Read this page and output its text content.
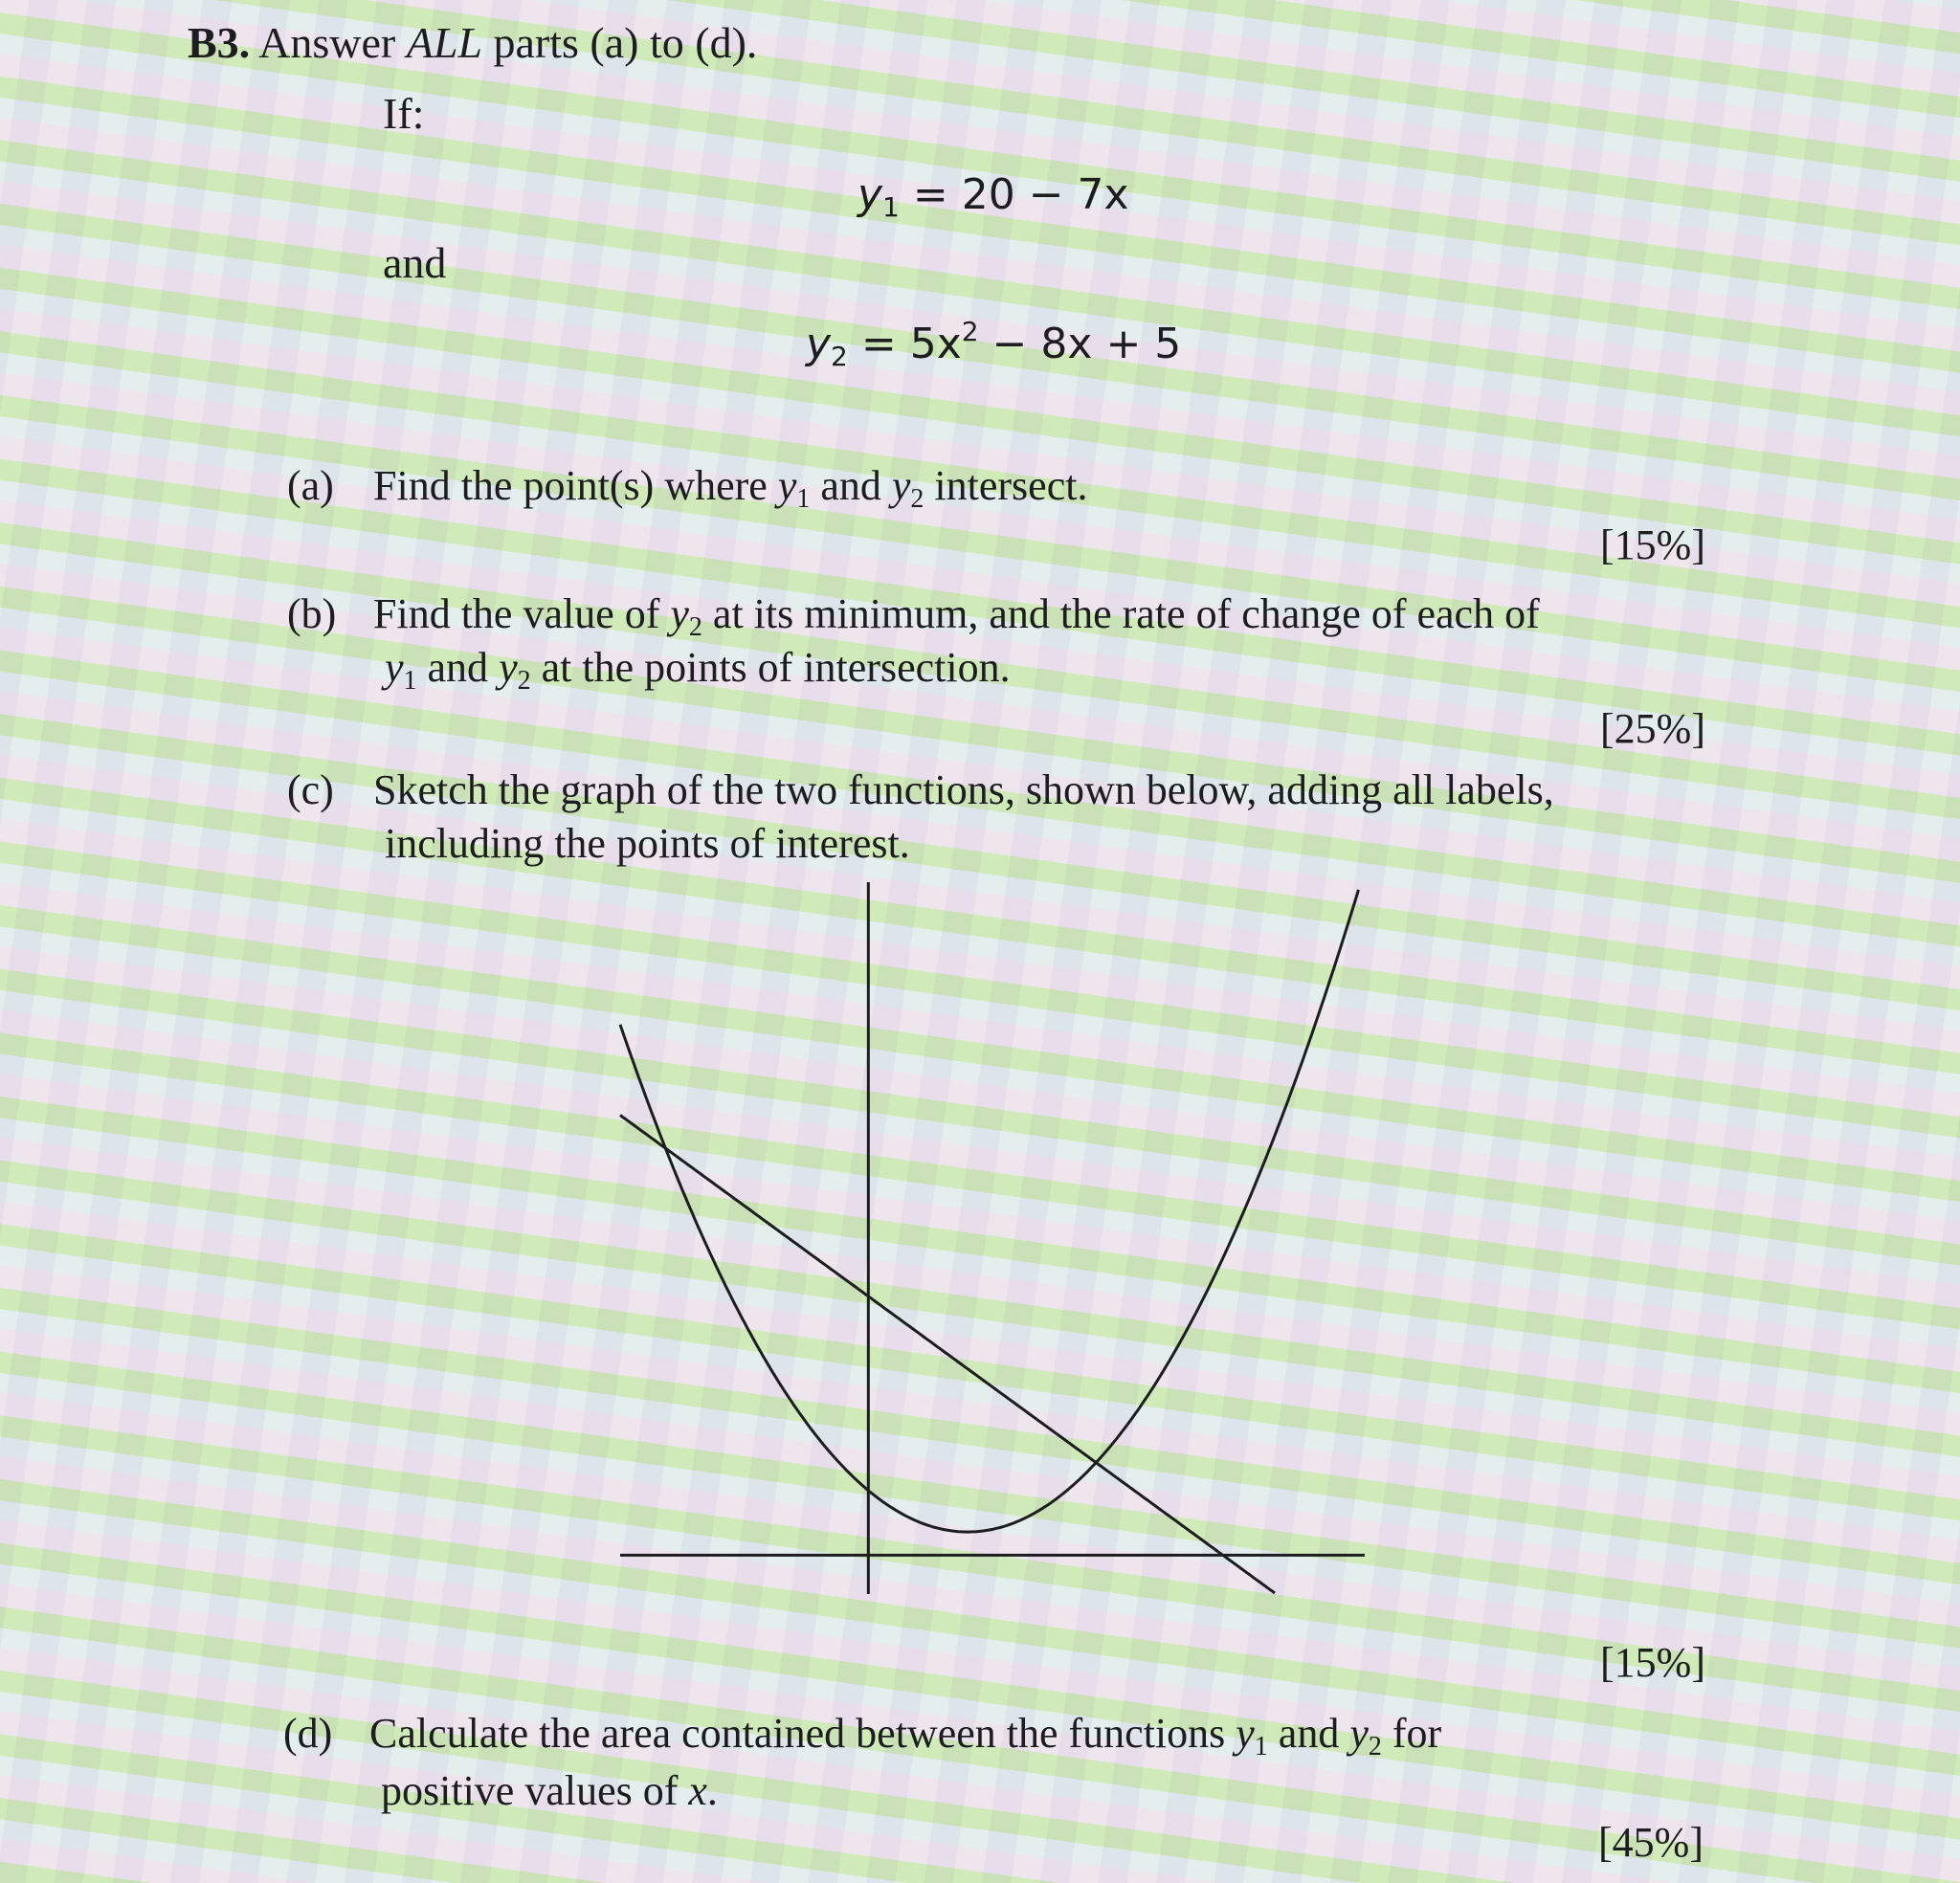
B3. Answer ALL parts (a) to (d).
If:
$y_1 = 20 - 7x$
and
$y_2 = 5x^2 - 8x + 5$
(a) Find the point(s) where $y_1$ and $y_2$ intersect.
[15%]
(b) Find the value of $y_2$ at its minimum, and the rate of change of each of
$y_1$ and $y_2$ at the points of intersection.
[25%]
(c) Sketch the graph of the two functions, shown below, adding all labels,
including the points of interest.
[15%]
(d) Calculate the area contained between the functions $y_1$ and $y_2$ for
positive values of x.
[45%]
